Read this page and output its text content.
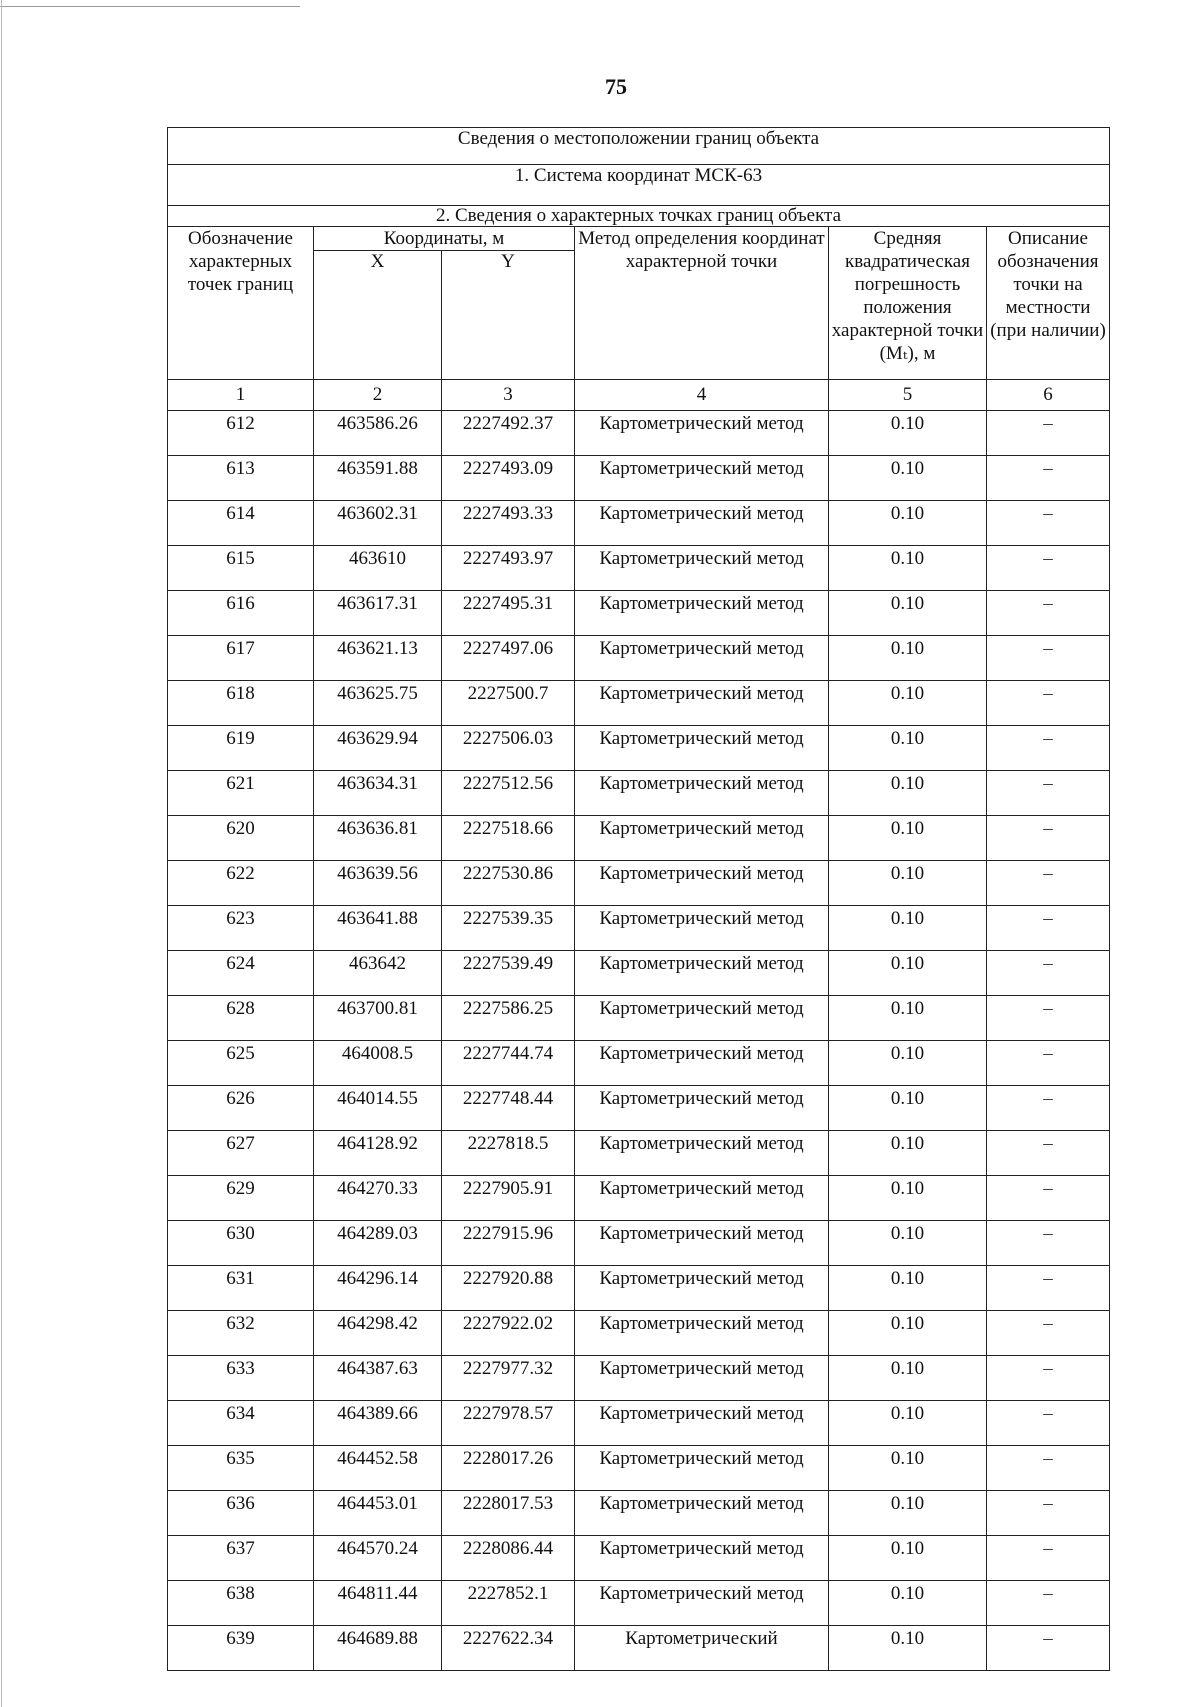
75
Сведения о местоположении границ объекта					
1. Система координат МСК-63					
2. Сведения о характерных точках границ объекта					
Обозначение характерных точек границ	Координаты, м		Метод определения координат характерной точки	Средняя квадратическая погрешность положения характерной точки (Mₜ), м	Описание обозначения точки на местности (при наличии)
	X	Y			
1	2	3	4	5	6
612	463586.26	2227492.37	Картометрический метод	0.10	–
613	463591.88	2227493.09	Картометрический метод	0.10	–
614	463602.31	2227493.33	Картометрический метод	0.10	–
615	463610	2227493.97	Картометрический метод	0.10	–
616	463617.31	2227495.31	Картометрический метод	0.10	–
617	463621.13	2227497.06	Картометрический метод	0.10	–
618	463625.75	2227500.7	Картометрический метод	0.10	–
619	463629.94	2227506.03	Картометрический метод	0.10	–
621	463634.31	2227512.56	Картометрический метод	0.10	–
620	463636.81	2227518.66	Картометрический метод	0.10	–
622	463639.56	2227530.86	Картометрический метод	0.10	–
623	463641.88	2227539.35	Картометрический метод	0.10	–
624	463642	2227539.49	Картометрический метод	0.10	–
628	463700.81	2227586.25	Картометрический метод	0.10	–
625	464008.5	2227744.74	Картометрический метод	0.10	–
626	464014.55	2227748.44	Картометрический метод	0.10	–
627	464128.92	2227818.5	Картометрический метод	0.10	–
629	464270.33	2227905.91	Картометрический метод	0.10	–
630	464289.03	2227915.96	Картометрический метод	0.10	–
631	464296.14	2227920.88	Картометрический метод	0.10	–
632	464298.42	2227922.02	Картометрический метод	0.10	–
633	464387.63	2227977.32	Картометрический метод	0.10	–
634	464389.66	2227978.57	Картометрический метод	0.10	–
635	464452.58	2228017.26	Картометрический метод	0.10	–
636	464453.01	2228017.53	Картометрический метод	0.10	–
637	464570.24	2228086.44	Картометрический метод	0.10	–
638	464811.44	2227852.1	Картометрический метод	0.10	–
639	464689.88	2227622.34	Картометрический	0.10	–
